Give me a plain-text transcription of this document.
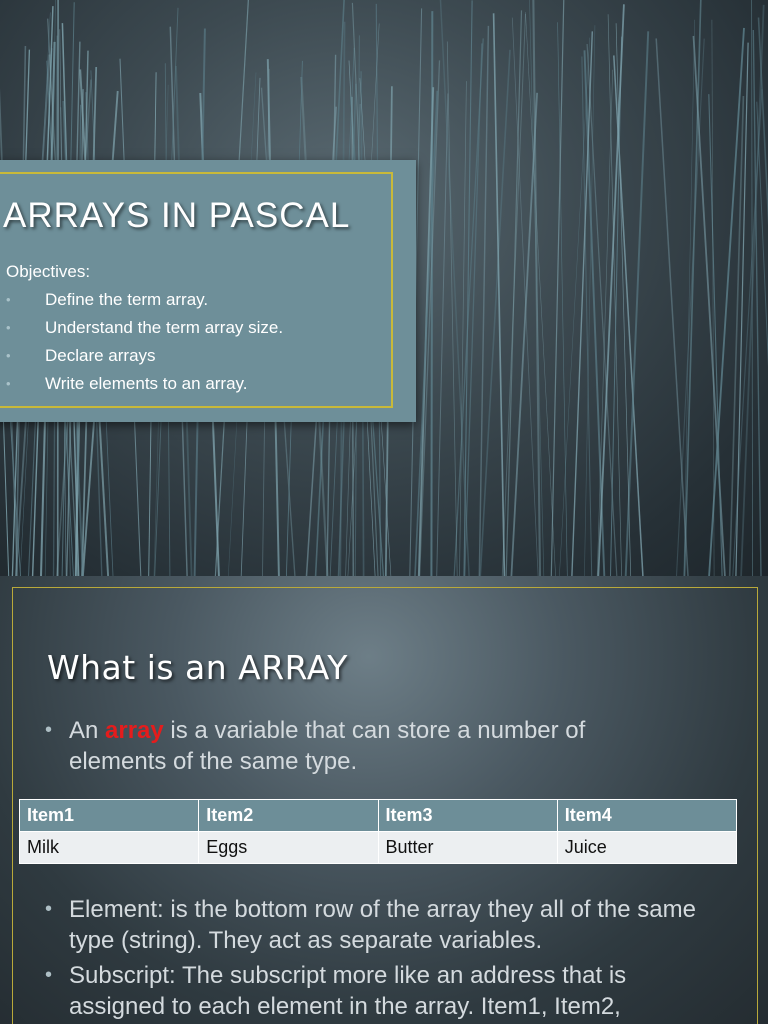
ARRAYS IN PASCAL
Objectives:
• Define the term array.
• Understand the term array size.
• Declare arrays
• Write elements to an array.
What is an ARRAY
• An array is a variable that can store a number of elements of the same type.
Item1	Item2	Item3	Item4
Milk	Eggs	Butter	Juice
• Element: is the bottom row of the array they all of the same type (string). They act as separate variables.
• Subscript: The subscript more like an address that is assigned to each element in the array. Item1, Item2,
